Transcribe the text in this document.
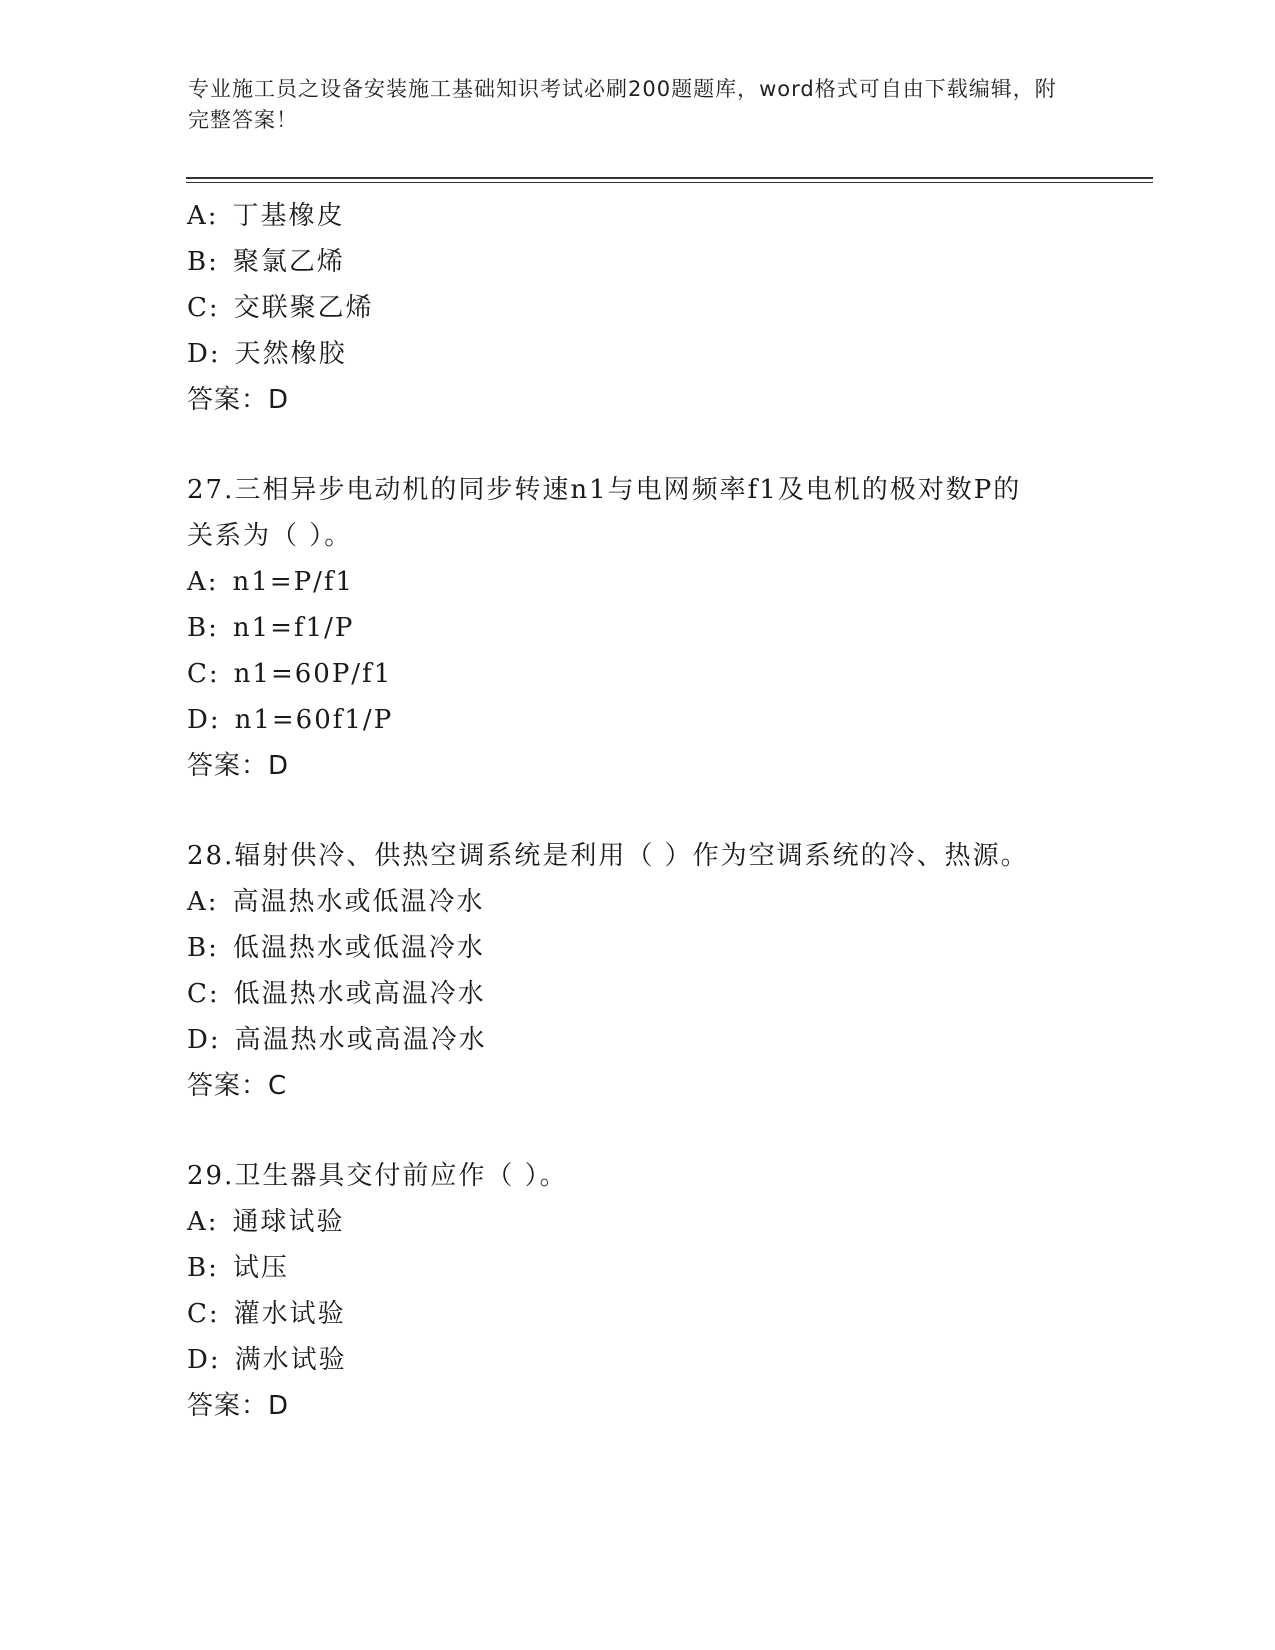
专业施工员之设备安装施工基础知识考试必刷200题题库，word格式可自由下载编辑，附完整答案！
A: 丁基橡皮
B: 聚氯乙烯
C: 交联聚乙烯
D: 天然橡胶
答案：D
27.三相异步电动机的同步转速n1与电网频率f1及电机的极对数P的关系为（ ）。
A: n1=P/f1
B: n1=f1/P
C: n1=60P/f1
D: n1=60f1/P
答案：D
28.辐射供冷、供热空调系统是利用（ ）作为空调系统的冷、热源。
A: 高温热水或低温冷水
B: 低温热水或低温冷水
C: 低温热水或高温冷水
D: 高温热水或高温冷水
答案：C
29.卫生器具交付前应作（ ）。
A: 通球试验
B: 试压
C: 灌水试验
D: 满水试验
答案：D
